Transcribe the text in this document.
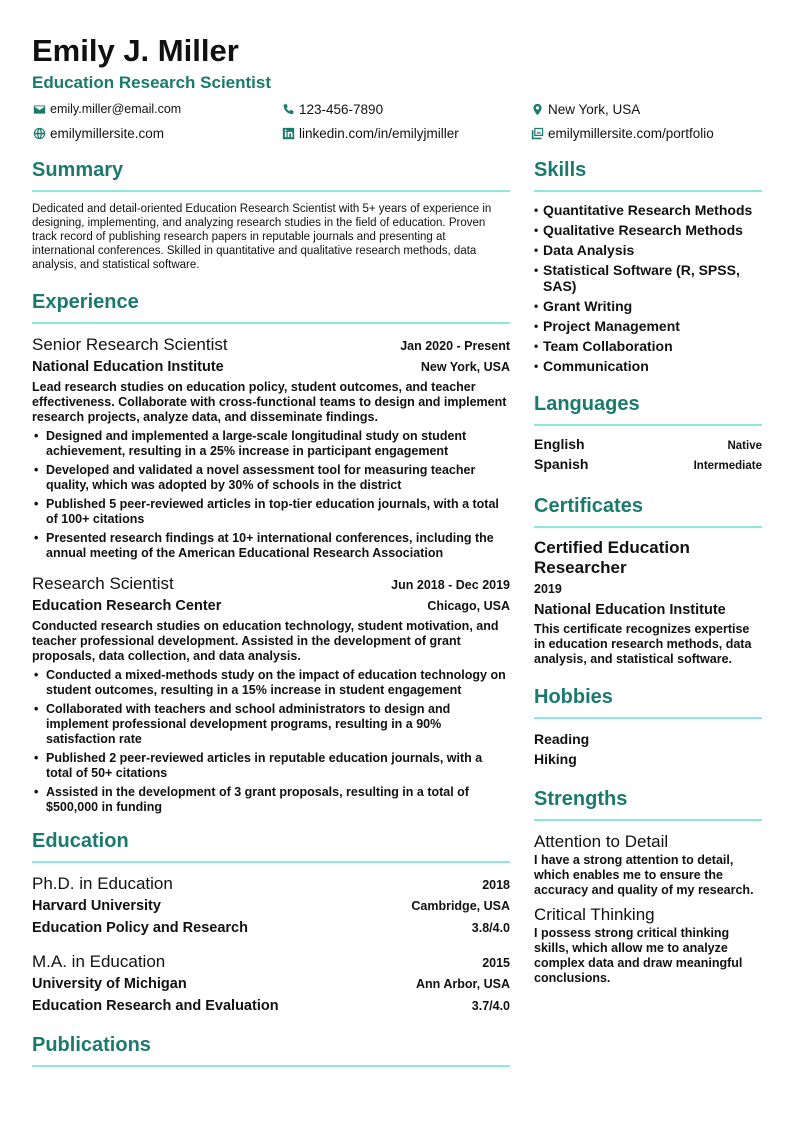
Emily J. Miller
Education Research Scientist
emily.miller@email.com	123-456-7890	New York, USA
emilymillersite.com	linkedin.com/in/emilyjmiller	emilymillersite.com/portfolio
Summary
Dedicated and detail-oriented Education Research Scientist with 5+ years of experience in designing, implementing, and analyzing research studies in the field of education. Proven track record of publishing research papers in reputable journals and presenting at international conferences. Skilled in quantitative and qualitative research methods, data analysis, and statistical software.
Experience
Senior Research Scientist	Jan 2020 - Present
National Education Institute	New York, USA
Lead research studies on education policy, student outcomes, and teacher effectiveness. Collaborate with cross-functional teams to design and implement research projects, analyze data, and disseminate findings.
• Designed and implemented a large-scale longitudinal study on student achievement, resulting in a 25% increase in participant engagement
• Developed and validated a novel assessment tool for measuring teacher quality, which was adopted by 30% of schools in the district
• Published 5 peer-reviewed articles in top-tier education journals, with a total of 100+ citations
• Presented research findings at 10+ international conferences, including the annual meeting of the American Educational Research Association
Research Scientist	Jun 2018 - Dec 2019
Education Research Center	Chicago, USA
Conducted research studies on education technology, student motivation, and teacher professional development. Assisted in the development of grant proposals, data collection, and data analysis.
• Conducted a mixed-methods study on the impact of education technology on student outcomes, resulting in a 15% increase in student engagement
• Collaborated with teachers and school administrators to design and implement professional development programs, resulting in a 90% satisfaction rate
• Published 2 peer-reviewed articles in reputable education journals, with a total of 50+ citations
• Assisted in the development of 3 grant proposals, resulting in a total of $500,000 in funding
Education
Ph.D. in Education	2018
Harvard University	Cambridge, USA
Education Policy and Research	3.8/4.0
M.A. in Education	2015
University of Michigan	Ann Arbor, USA
Education Research and Evaluation	3.7/4.0
Publications
Skills
• Quantitative Research Methods
• Qualitative Research Methods
• Data Analysis
• Statistical Software (R, SPSS, SAS)
• Grant Writing
• Project Management
• Team Collaboration
• Communication
Languages
English	Native
Spanish	Intermediate
Certificates
Certified Education Researcher
2019
National Education Institute
This certificate recognizes expertise in education research methods, data analysis, and statistical software.
Hobbies
Reading
Hiking
Strengths
Attention to Detail
I have a strong attention to detail, which enables me to ensure the accuracy and quality of my research.
Critical Thinking
I possess strong critical thinking skills, which allow me to analyze complex data and draw meaningful conclusions.
